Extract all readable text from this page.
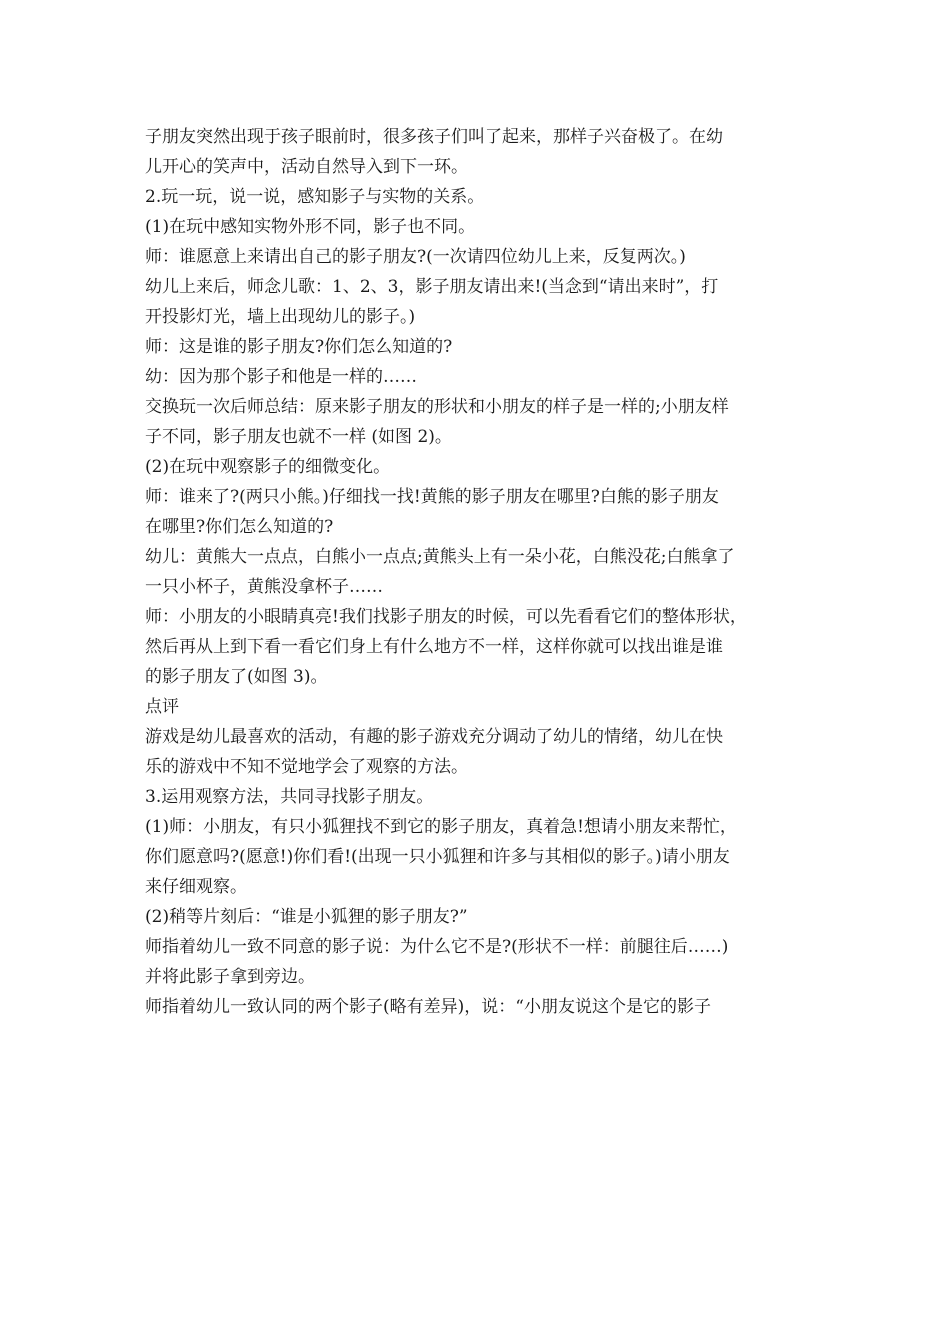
子朋友突然出现于孩子眼前时，很多孩子们叫了起来，那样子兴奋极了。在幼
儿开心的笑声中，活动自然导入到下一环。
2.玩一玩，说一说，感知影子与实物的关系。
(1)在玩中感知实物外形不同，影子也不同。
师：谁愿意上来请出自己的影子朋友?(一次请四位幼儿上来，反复两次。)
幼儿上来后，师念儿歌：1、2、3，影子朋友请出来!(当念到“请出来时”，打
开投影灯光，墙上出现幼儿的影子。)
师：这是谁的影子朋友?你们怎么知道的?
幼：因为那个影子和他是一样的……
交换玩一次后师总结：原来影子朋友的形状和小朋友的样子是一样的;小朋友样
子不同，影子朋友也就不一样 (如图 2)。
(2)在玩中观察影子的细微变化。
师：谁来了?(两只小熊。)仔细找一找!黄熊的影子朋友在哪里?白熊的影子朋友
在哪里?你们怎么知道的?
幼儿：黄熊大一点点，白熊小一点点;黄熊头上有一朵小花，白熊没花;白熊拿了
一只小杯子，黄熊没拿杯子……
师：小朋友的小眼睛真亮!我们找影子朋友的时候，可以先看看它们的整体形状，
然后再从上到下看一看它们身上有什么地方不一样，这样你就可以找出谁是谁
的影子朋友了(如图 3)。
点评
游戏是幼儿最喜欢的活动，有趣的影子游戏充分调动了幼儿的情绪，幼儿在快
乐的游戏中不知不觉地学会了观察的方法。
3.运用观察方法，共同寻找影子朋友。
(1)师：小朋友，有只小狐狸找不到它的影子朋友，真着急!想请小朋友来帮忙，
你们愿意吗?(愿意!)你们看!(出现一只小狐狸和许多与其相似的影子。)请小朋友
来仔细观察。
(2)稍等片刻后：“谁是小狐狸的影子朋友?”
师指着幼儿一致不同意的影子说：为什么它不是?(形状不一样：前腿往后……)
并将此影子拿到旁边。
师指着幼儿一致认同的两个影子(略有差异)，说：“小朋友说这个是它的影子
